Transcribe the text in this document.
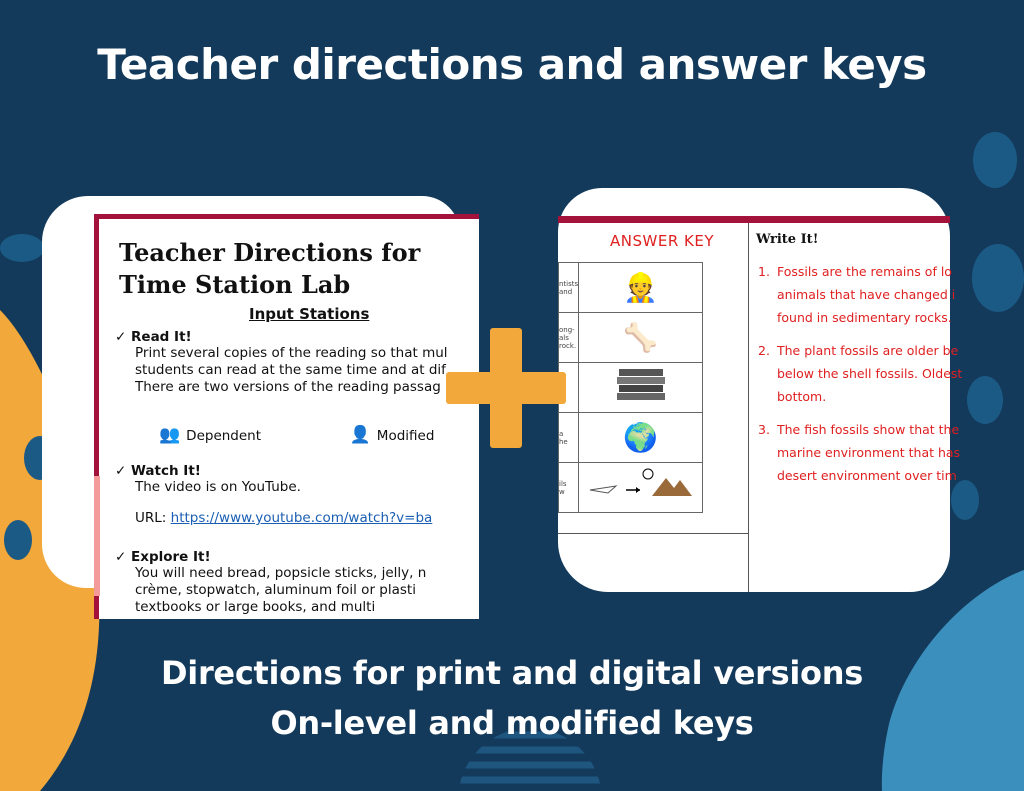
Teacher directions and answer keys
Teacher Directions for
Time Station Lab
Input Stations
✓ Read It!
Print several copies of the reading so that mul
students can read at the same time and at dif
There are two versions of the reading passag
👥 Dependent	👤 Modified
✓ Watch It!
The video is on YouTube.
URL: https://www.youtube.com/watch?v=ba
✓ Explore It!
You will need bread, popsicle sticks, jelly, n
crème, stopwatch, aluminum foil or plasti
textbooks or large books, and multi
ANSWER KEY
ntists
and	👷
ong-
als
rock.	🦴

a
he	🌍
ils
w	
Write It!
1. Fossils are the remains of lo
animals that have changed i
found in sedimentary rocks.
2. The plant fossils are older be
below the shell fossils. Oldest
bottom.
3. The fish fossils show that the
marine environment that has
desert environment over tim
Directions for print and digital versions
On-level and modified keys
